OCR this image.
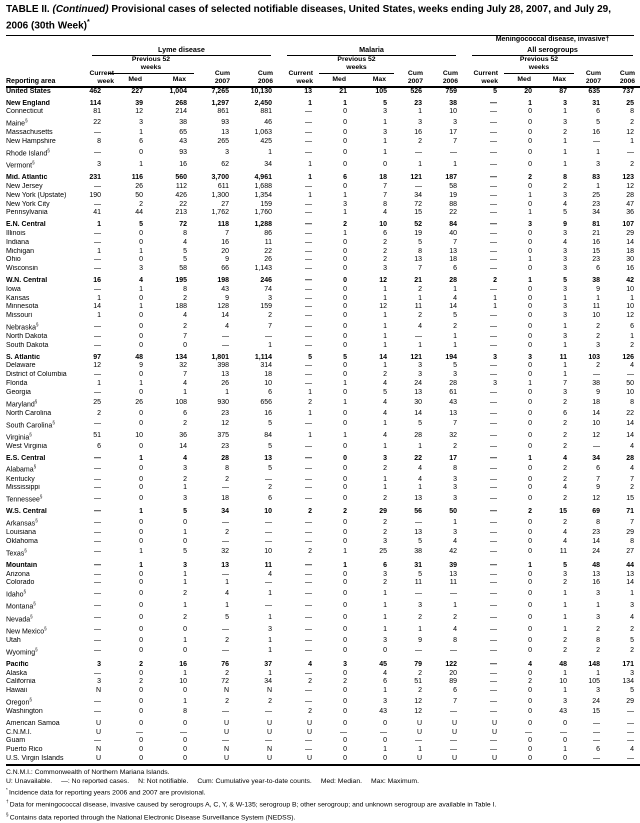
TABLE II. (Continued) Provisional cases of selected notifiable diseases, United States, weeks ending July 28, 2007, and July 29, 2006 (30th Week)*
Reporting area	Lyme disease					Malaria					Meningococcal disease, invasive†
All serogroups				

	Current week	Previous 52 weeks		Cum 2007	Cum 2006	Current week	Previous 52 weeks		Cum 2007	Cum 2006	Current week	Previous 52 weeks		Cum 2007	Cum 2006
		Med	Max				Med	Max				Med	Max		
United States	462	227	1,004	7,265	10,130	13	21	105	526	759	5	20	87	635	737

New England	114	39	268	1,297	2,450	1	1	5	23	38	—	1	3	31	25
Connecticut	81	12	214	861	881	—	0	3	1	10	—	0	1	6	8
Maine§	22	3	38	93	46	—	0	1	3	3	—	0	3	5	2
Massachusetts	—	1	65	13	1,063	—	0	3	16	17	—	0	2	16	12
New Hampshire	8	6	43	265	425	—	0	1	2	7	—	0	1	—	1
Rhode Island§	—	0	93	3	1	—	0	1	—	—	—	0	1	1	—
Vermont§	3	1	16	62	34	1	0	0	1	1	—	0	1	3	2

Mid. Atlantic	231	116	560	3,700	4,961	1	6	18	121	187	—	2	8	83	123
New Jersey	—	26	112	611	1,688	—	0	7	—	58	—	0	2	1	12
New York (Upstate)	190	50	426	1,300	1,354	1	1	7	34	19	—	1	3	25	28
New York City	—	2	22	27	159	—	3	8	72	88	—	0	4	23	47
Pennsylvania	41	44	213	1,762	1,760	—	1	4	15	22	—	1	5	34	36

E.N. Central	1	5	72	118	1,288	—	2	10	52	84	—	3	9	81	107
Illinois	—	0	8	7	86	—	1	6	19	40	—	0	3	21	29
Indiana	—	0	4	16	11	—	0	2	5	7	—	0	4	16	14
Michigan	1	1	5	20	22	—	0	2	8	13	—	0	3	15	18
Ohio	—	0	5	9	26	—	0	2	13	18	—	1	3	23	30
Wisconsin	—	3	58	66	1,143	—	0	3	7	6	—	0	3	6	16

W.N. Central	16	4	195	198	246	—	0	12	21	28	2	1	5	38	42
Iowa	—	1	8	43	74	—	0	1	2	1	—	0	3	9	10
Kansas	1	0	2	9	3	—	0	1	1	4	1	0	1	1	1
Minnesota	14	1	188	128	159	—	0	12	11	14	1	0	3	11	10
Missouri	1	0	4	14	2	—	0	1	2	5	—	0	3	10	12
Nebraska§	—	0	2	4	7	—	0	1	4	2	—	0	1	2	6
North Dakota	—	0	7	—	—	—	0	1	—	1	—	0	3	2	1
South Dakota	—	0	0	—	1	—	0	1	1	1	—	0	1	3	2

S. Atlantic	97	48	134	1,801	1,114	5	5	14	121	194	3	3	11	103	126
Delaware	12	9	32	398	314	—	0	1	3	5	—	0	1	2	4
District of Columbia	—	0	7	13	18	—	0	2	3	3	—	0	1	—	—
Florida	1	1	4	26	10	—	1	4	24	28	3	1	7	38	50
Georgia	—	0	1	1	6	1	0	5	13	61	—	0	3	9	10
Maryland§	25	26	108	930	656	2	1	4	30	43	—	0	2	18	8
North Carolina	2	0	6	23	16	1	0	4	14	13	—	0	6	14	22
South Carolina§	—	0	2	12	5	—	0	1	5	7	—	0	2	10	14
Virginia§	51	10	36	375	84	1	1	4	28	32	—	0	2	12	14
West Virginia	6	0	14	23	5	—	0	1	1	2	—	0	2	—	4

E.S. Central	—	1	4	28	13	—	0	3	22	17	—	1	4	34	28
Alabama§	—	0	3	8	5	—	0	2	4	8	—	0	2	6	4
Kentucky	—	0	2	2	—	—	0	1	4	3	—	0	2	7	7
Mississippi	—	0	1	—	2	—	0	1	1	3	—	0	4	9	2
Tennessee§	—	0	3	18	6	—	0	2	13	3	—	0	2	12	15

W.S. Central	—	1	5	34	10	2	2	29	56	50	—	2	15	69	71
Arkansas§	—	0	0	—	—	—	0	2	—	1	—	0	2	8	7
Louisiana	—	0	1	2	—	—	0	2	13	3	—	0	4	23	29
Oklahoma	—	0	0	—	—	—	0	3	5	4	—	0	4	14	8
Texas§	—	1	5	32	10	2	1	25	38	42	—	0	11	24	27

Mountain	—	1	3	13	11	—	1	6	31	39	—	1	5	48	44
Arizona	—	0	1	—	4	—	0	3	5	13	—	0	3	13	13
Colorado	—	0	1	1	—	—	0	2	11	11	—	0	2	16	14
Idaho§	—	0	2	4	1	—	0	1	—	—	—	0	1	3	1
Montana§	—	0	1	1	—	—	0	1	3	1	—	0	1	1	3
Nevada§	—	0	2	5	1	—	0	1	2	2	—	0	1	3	4
New Mexico§	—	0	0	—	3	—	0	1	1	4	—	0	1	2	2
Utah	—	0	1	2	1	—	0	3	9	8	—	0	2	8	5
Wyoming§	—	0	0	—	1	—	0	0	—	—	—	0	2	2	2

Pacific	3	2	16	76	37	4	3	45	79	122	—	4	48	148	171
Alaska	—	0	1	2	1	—	0	4	2	20	—	0	1	1	3
California	3	2	10	72	34	2	2	6	51	89	—	2	10	105	134
Hawaii	N	0	0	N	N	—	0	1	2	6	—	0	1	3	5
Oregon§	—	0	1	2	2	—	0	3	12	7	—	0	3	24	29
Washington	—	0	8	—	—	2	0	43	12	—	—	0	43	15	—

American Samoa	U	0	0	U	U	U	0	0	U	U	U	0	0	—	—
C.N.M.I.	U	—	—	U	U	U	—	—	U	U	U	—	—	—	—
Guam	—	0	0	—	—	—	0	0	—	—	—	0	0	—	—
Puerto Rico	N	0	0	N	N	—	0	1	1	—	—	0	1	6	4
U.S. Virgin Islands	U	0	0	U	U	U	0	0	U	U	U	0	0	—	—
C.N.M.I.: Commonwealth of Northern Mariana Islands.
U: Unavailable. —: No reported cases. N: Not notifiable. Cum: Cumulative year-to-date counts. Med: Median. Max: Maximum.
* Incidence data for reporting years 2006 and 2007 are provisional.
† Data for meningococcal disease, invasive caused by serogroups A, C, Y, & W-135; serogroup B; other serogroup; and unknown serogroup are available in Table I.
§ Contains data reported through the National Electronic Disease Surveillance System (NEDSS).
